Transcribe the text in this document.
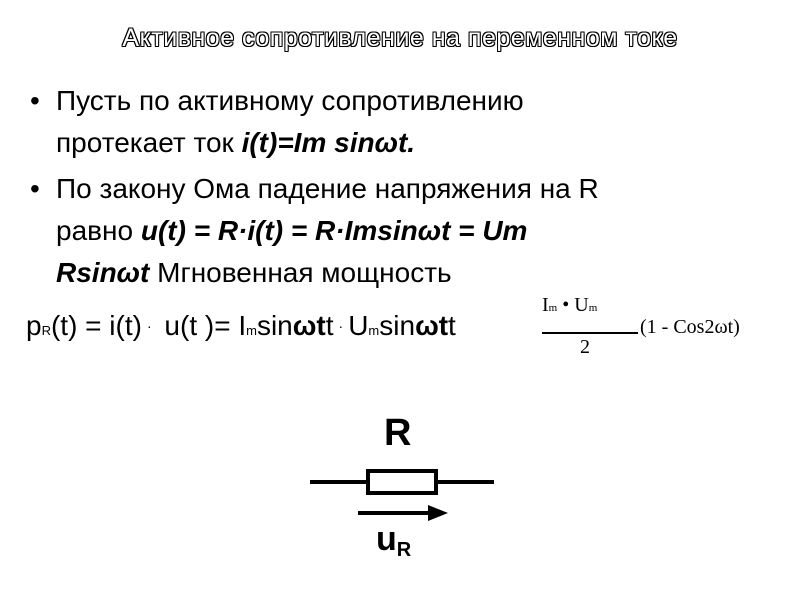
Активное сопротивление на переменном токе
• Пусть по активному сопротивлению
протекает ток i(t)=Im sinωt.
• По закону Ома падение напряжения на R
равно u(t) = R·i(t) = R·Imsinωt = Um
Rsinωt Мгновенная мощность
pR(t) = i(t) · u(t )= Imsinωtt · Umsinωtt
Im • Um
2
(1 - Cos2ωt)
R
$u_R$
